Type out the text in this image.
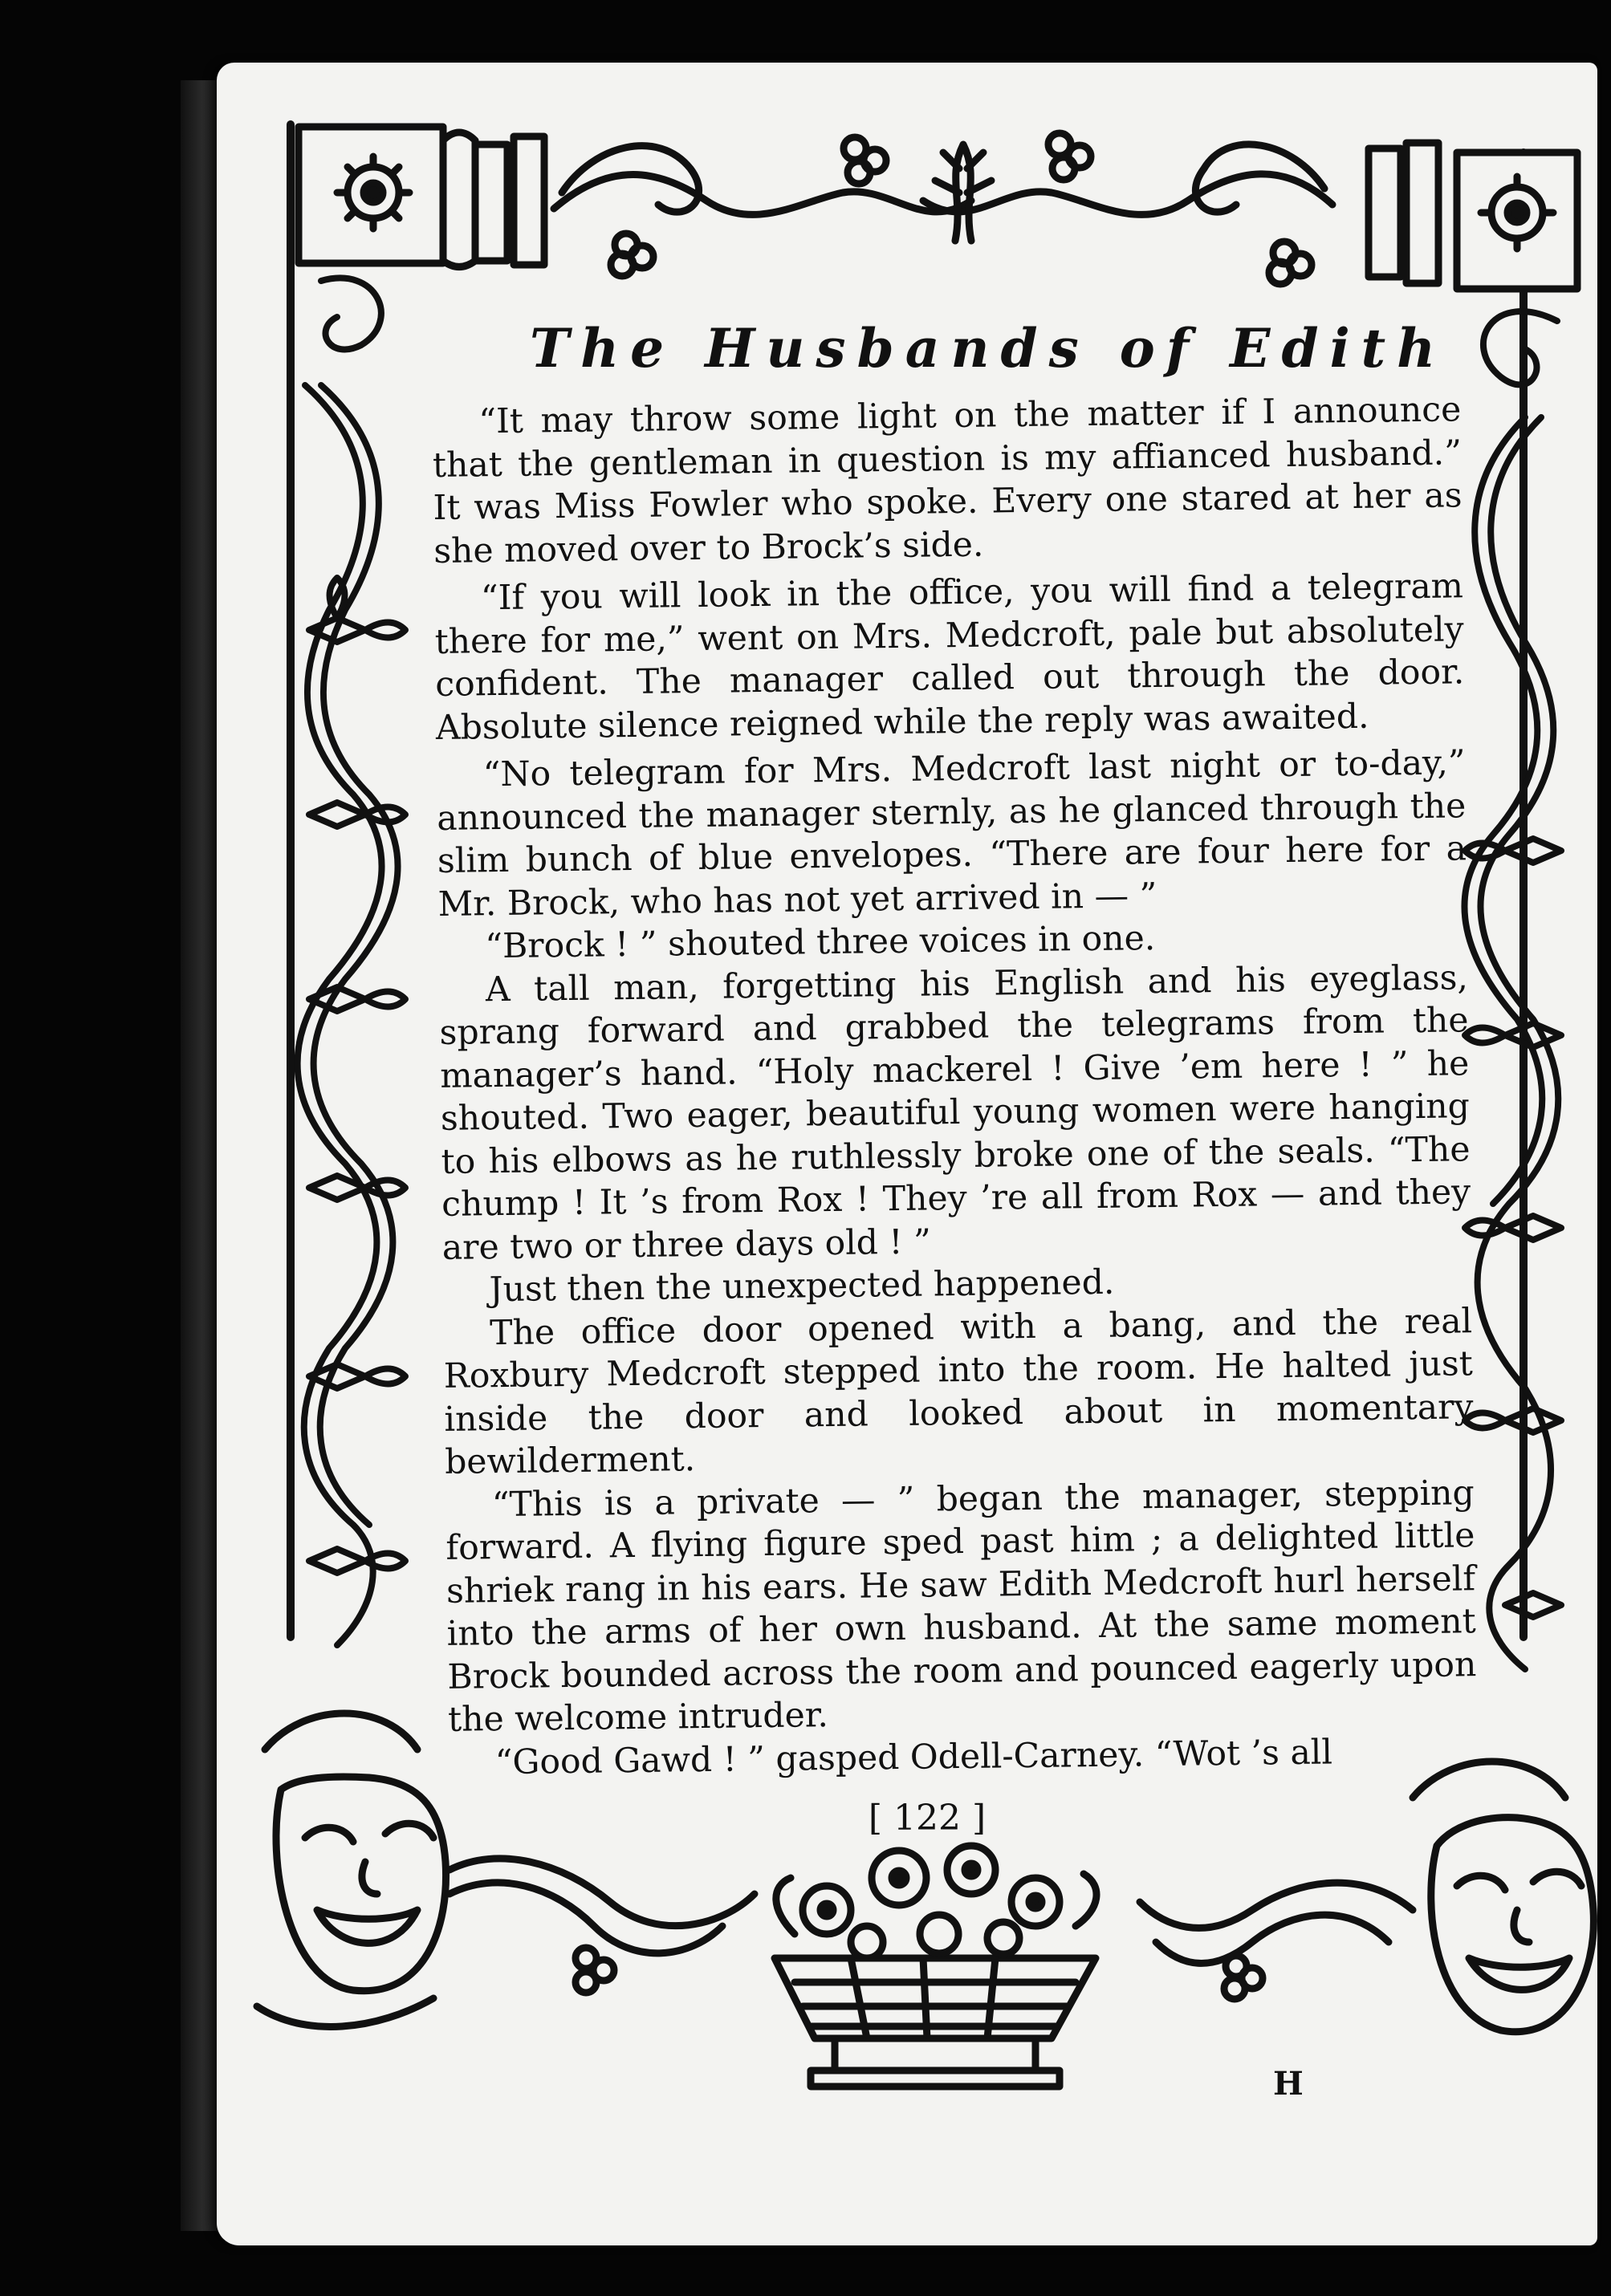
The Husbands of Edith

“It may throw some light on the matter if I announce that the gentleman in question is my affianced husband.” It was Miss Fowler who spoke. Every one stared at her as she moved over to Brock’s side.

“If you will look in the office, you will find a telegram there for me,” went on Mrs. Medcroft, pale but absolutely confident. The manager called out through the door. Absolute silence reigned while the reply was awaited.

“No telegram for Mrs. Medcroft last night or to-day,” announced the manager sternly, as he glanced through the slim bunch of blue envelopes. “There are four here for a Mr. Brock, who has not yet arrived in — ”

“Brock ! ” shouted three voices in one.

A tall man, forgetting his English and his eyeglass, sprang forward and grabbed the telegrams from the manager’s hand. “Holy mackerel ! Give ’em here ! ” he shouted. Two eager, beautiful young women were hanging to his elbows as he ruthlessly broke one of the seals. “The chump ! It ’s from Rox ! They ’re all from Rox — and they are two or three days old ! ”

Just then the unexpected happened.

The office door opened with a bang, and the real Roxbury Medcroft stepped into the room. He halted just inside the door and looked about in momentary bewilderment.

“This is a private — ” began the manager, stepping forward. A flying figure sped past him ; a delighted little shriek rang in his ears. He saw Edith Medcroft hurl herself into the arms of her own husband. At the same moment Brock bounded across the room and pounced eagerly upon the welcome intruder.

“Good Gawd ! ” gasped Odell-Carney. “Wot ’s all

[ 122 ]
H
